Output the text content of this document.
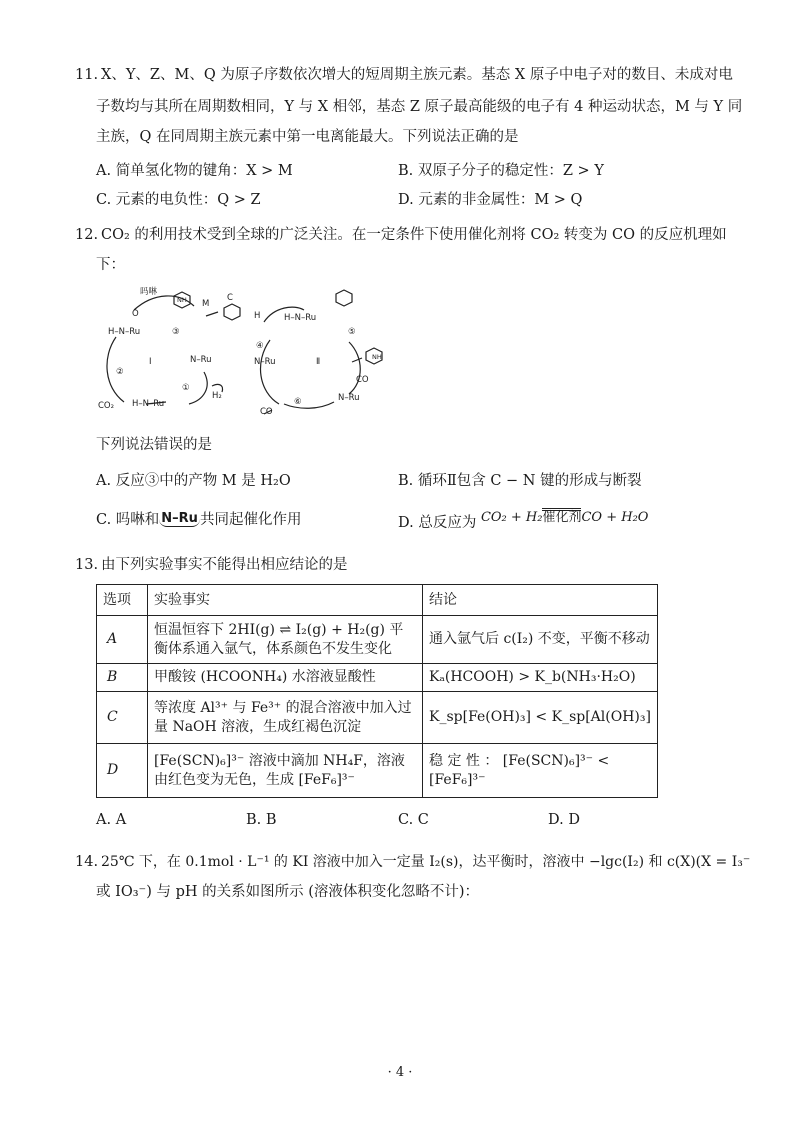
11. X、Y、Z、M、Q 为原子序数依次增大的短周期主族元素。基态 X 原子中电子对的数目、未成对电
子数均与其所在周期数相同，Y 与 X 相邻，基态 Z 原子最高能级的电子有 4 种运动状态，M 与 Y 同
主族，Q 在同周期主族元素中第一电离能最大。下列说法正确的是
A. 简单氢化物的键角：X > M	B. 双原子分子的稳定性：Z > Y
C. 元素的电负性：Q > Z	D. 元素的非金属性：M > Q
12. CO₂ 的利用技术受到全球的广泛关注。在一定条件下使用催化剂将 CO₂ 转变为 CO 的反应机理如
下：
吗啉
NH M
C
H
O
H–N–Ru	③
Ⅰ	N–Ru
②
①
H₂
CO₂ H–N–Ru
H–N–Ru
④
⑤
N–Ru	Ⅱ	NH
CO
N–Ru
⑥
CO
下列说法错误的是
A. 反应③中的产物 M 是 H₂O	B. 循环Ⅱ包含 C − N 键的形成与断裂
C. 吗啉和 N–Ru 共同起催化作用	D. 总反应为 CO₂ + H₂催化剂CO + H₂O
13. 由下列实验事实不能得出相应结论的是
选项	实验事实	结论
A	恒温恒容下 2HI(g) ⇌ I₂(g) + H₂(g) 平衡体系通入氩气，体系颜色不发生变化	通入氩气后 c(I₂) 不变，平衡不移动
B	甲酸铵 (HCOONH₄) 水溶液显酸性	Kₐ(HCOOH) > K_b(NH₃·H₂O)
C	等浓度 Al³⁺ 与 Fe³⁺ 的混合溶液中加入过量 NaOH 溶液，生成红褐色沉淀	K_sp[Fe(OH)₃] < K_sp[Al(OH)₃]
D	[Fe(SCN)₆]³⁻ 溶液中滴加 NH₄F，溶液由红色变为无色，生成 [FeF₆]³⁻	稳 定 性 ： [Fe(SCN)₆]³⁻ < [FeF₆]³⁻
A. A	B. B	C. C	D. D
14. 25℃ 下，在 0.1mol · L⁻¹ 的 KI 溶液中加入一定量 I₂(s)，达平衡时，溶液中 −lgc(I₂) 和 c(X)(X = I₃⁻
或 IO₃⁻) 与 pH 的关系如图所示 (溶液体积变化忽略不计)：
· 4 ·
